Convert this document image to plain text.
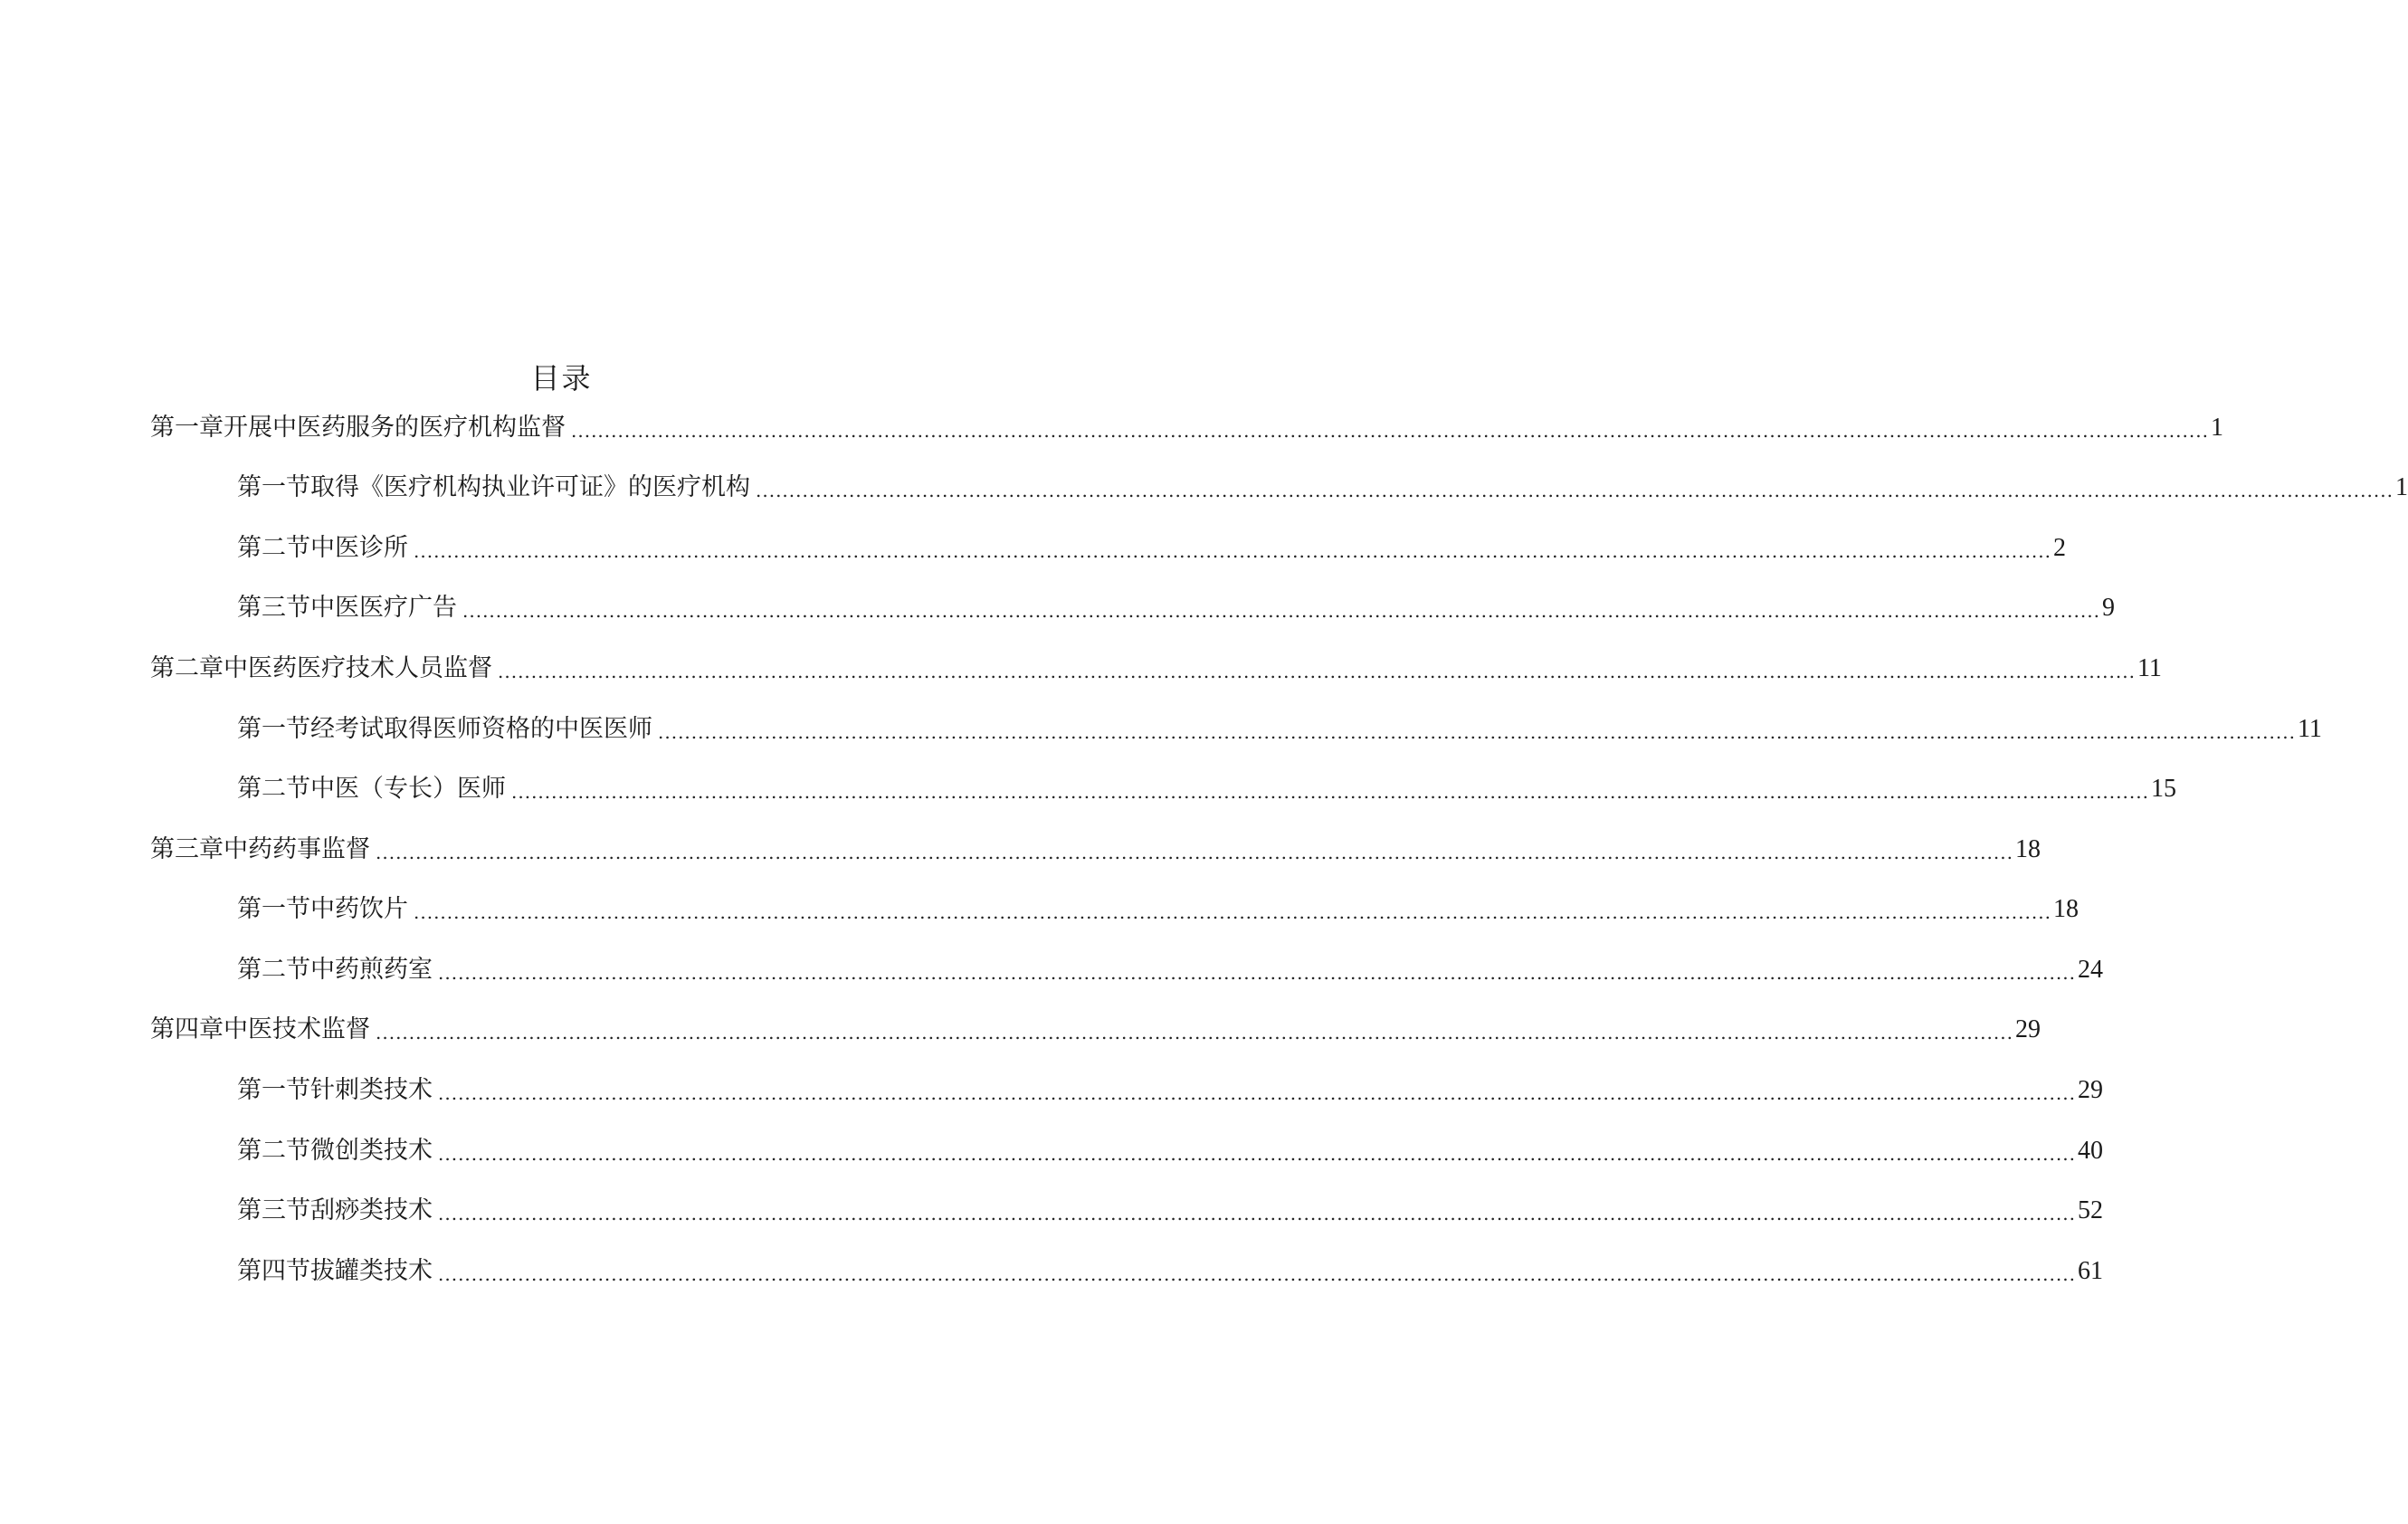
目录
第一章 开展中医药服务的医疗机构监督 ...................................................................................................................................................................................................................................................... 1
第一节 取得《医疗机构执业许可证》的医疗机构 ...................................................................................................................................................................................................................................................... 1
第二节 中医诊所 ...................................................................................................................................................................................................................................................... 2
第三节 中医医疗广告 ...................................................................................................................................................................................................................................................... 9
第二章 中医药医疗技术人员监督 ...................................................................................................................................................................................................................................................... 11
第一节 经考试取得医师资格的中医医师 ...................................................................................................................................................................................................................................................... 11
第二节 中医（专长）医师 ...................................................................................................................................................................................................................................................... 15
第三章 中药药事监督 ...................................................................................................................................................................................................................................................... 18
第一节 中药饮片 ...................................................................................................................................................................................................................................................... 18
第二节 中药煎药室 ...................................................................................................................................................................................................................................................... 24
第四章 中医技术监督 ...................................................................................................................................................................................................................................................... 29
第一节 针刺类技术 ...................................................................................................................................................................................................................................................... 29
第二节 微创类技术 ...................................................................................................................................................................................................................................................... 40
第三节 刮痧类技术 ...................................................................................................................................................................................................................................................... 52
第四节 拔罐类技术 ...................................................................................................................................................................................................................................................... 61
